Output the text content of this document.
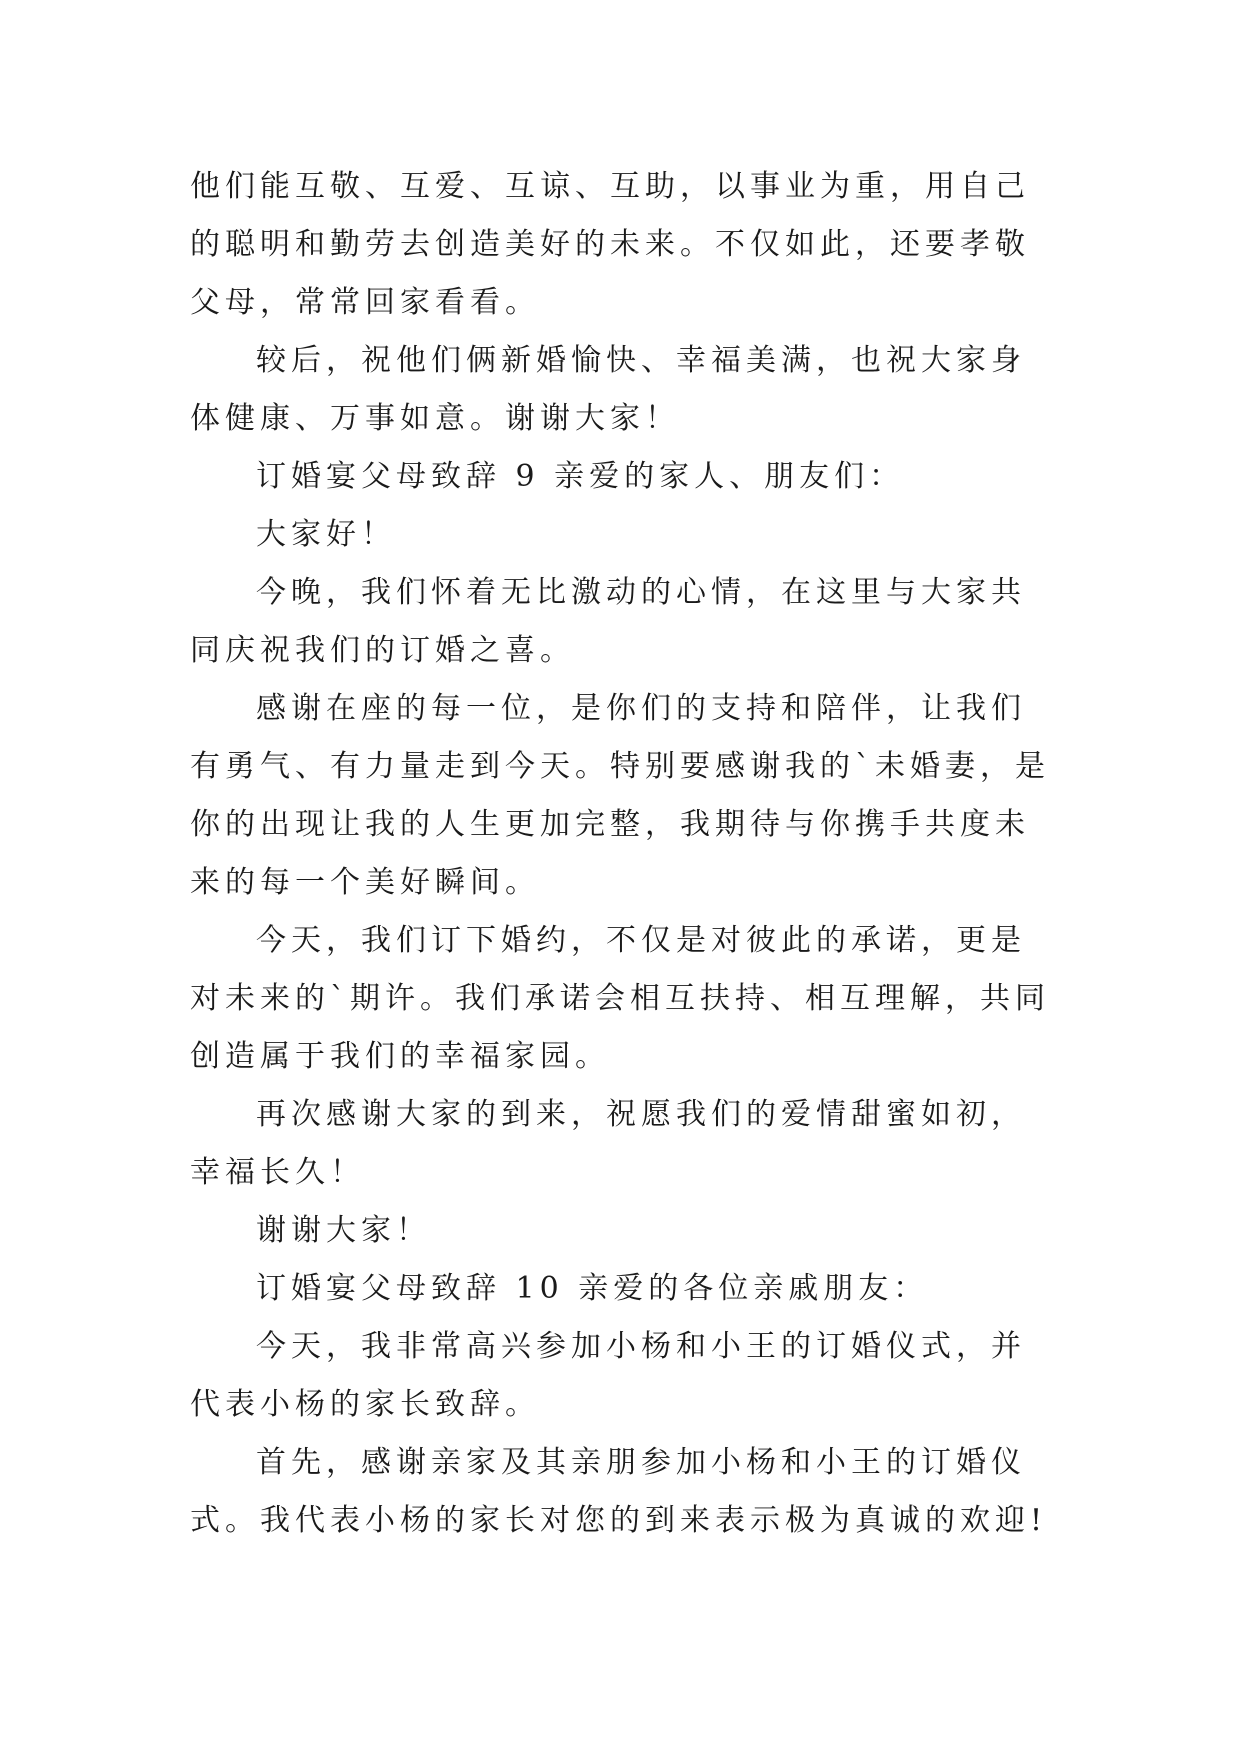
他们能互敬、互爱、互谅、互助，以事业为重，用自己的聪明和勤劳去创造美好的未来。不仅如此，还要孝敬父母，常常回家看看。

较后，祝他们俩新婚愉快、幸福美满，也祝大家身体健康、万事如意。谢谢大家！

订婚宴父母致辞 9 亲爱的家人、朋友们：

大家好！

今晚，我们怀着无比激动的心情，在这里与大家共同庆祝我们的订婚之喜。

感谢在座的每一位，是你们的支持和陪伴，让我们有勇气、有力量走到今天。特别要感谢我的`未婚妻，是你的出现让我的人生更加完整，我期待与你携手共度未来的每一个美好瞬间。

今天，我们订下婚约，不仅是对彼此的承诺，更是对未来的`期许。我们承诺会相互扶持、相互理解，共同创造属于我们的幸福家园。

再次感谢大家的到来，祝愿我们的爱情甜蜜如初，幸福长久！

谢谢大家！

订婚宴父母致辞 10 亲爱的各位亲戚朋友：

今天，我非常高兴参加小杨和小王的订婚仪式，并代表小杨的家长致辞。

首先，感谢亲家及其亲朋参加小杨和小王的订婚仪式。我代表小杨的家长对您的到来表示极为真诚的欢迎!
